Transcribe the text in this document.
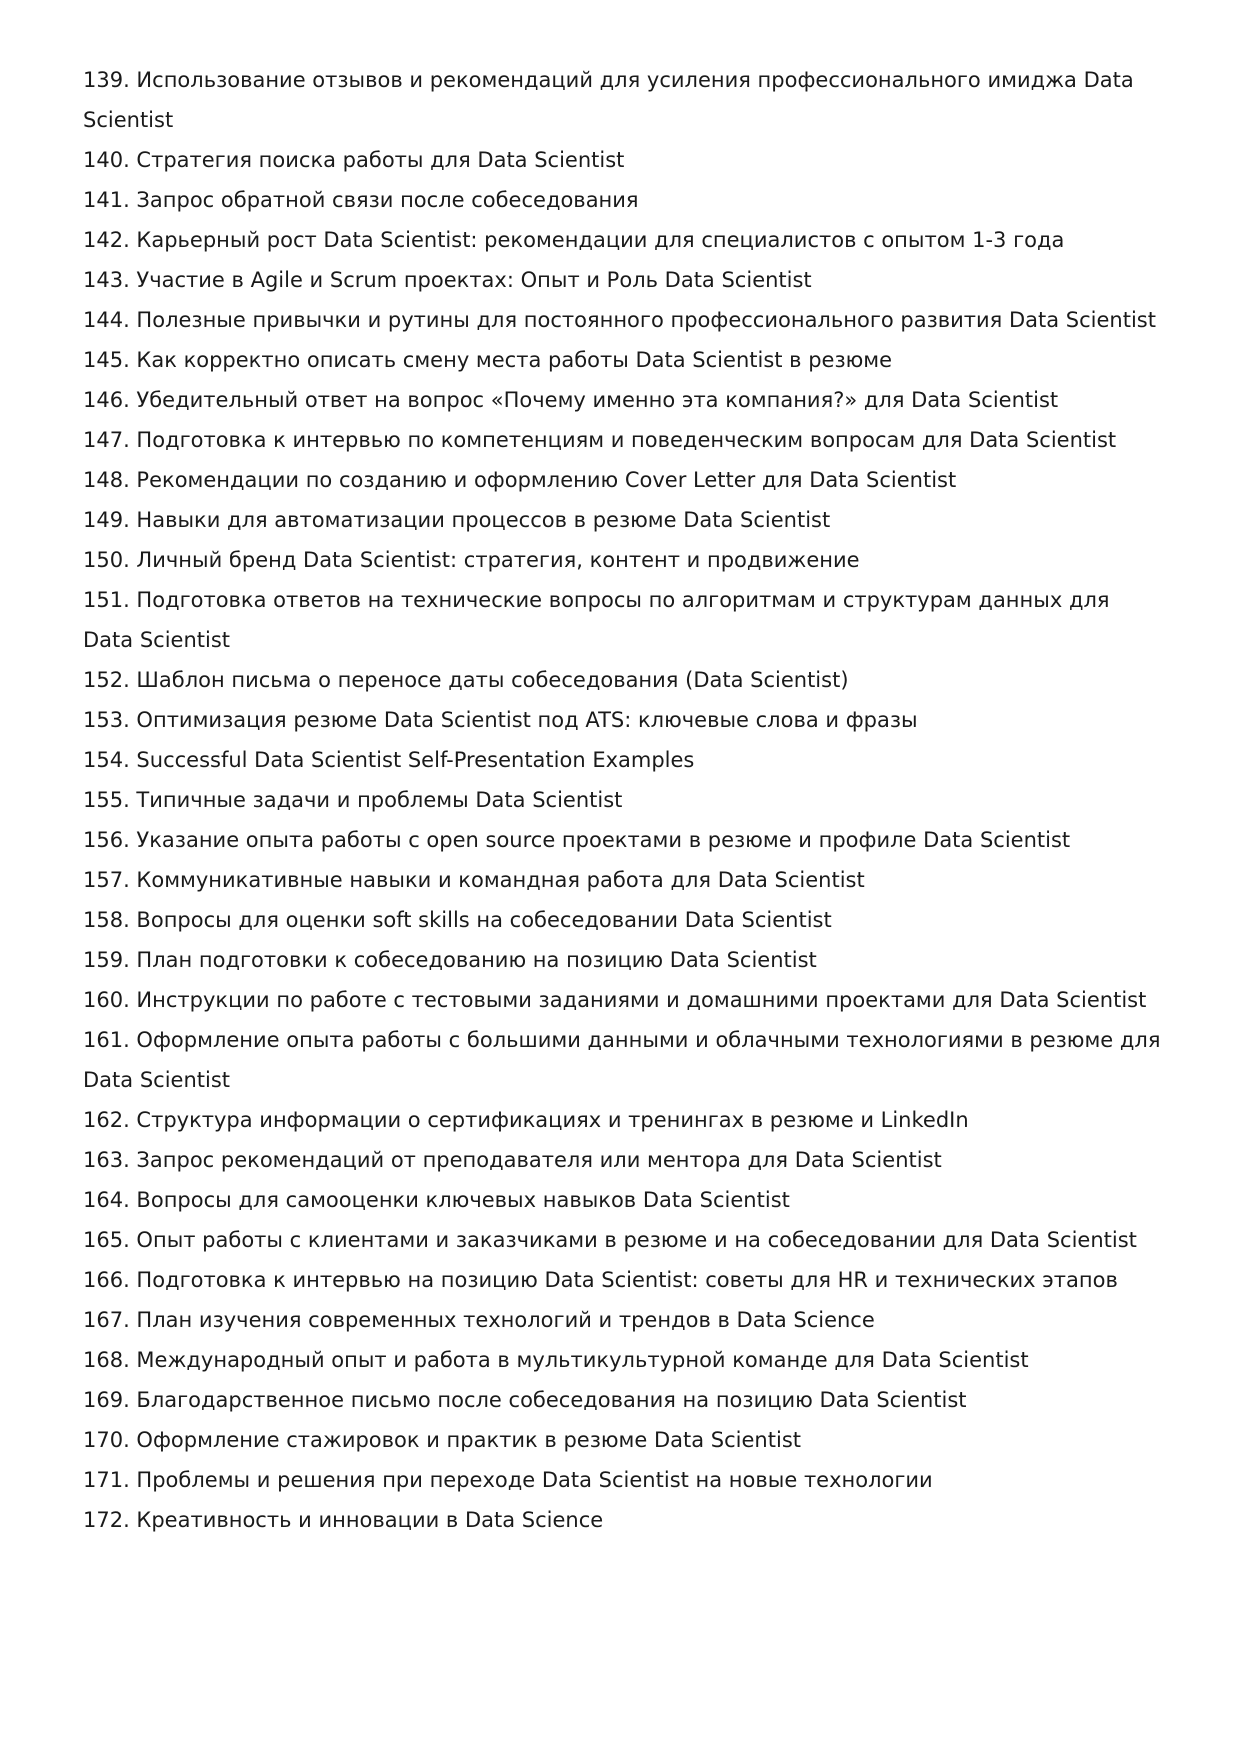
139. Использование отзывов и рекомендаций для усиления профессионального имиджа Data Scientist
140. Стратегия поиска работы для Data Scientist
141. Запрос обратной связи после собеседования
142. Карьерный рост Data Scientist: рекомендации для специалистов с опытом 1-3 года
143. Участие в Agile и Scrum проектах: Опыт и Роль Data Scientist
144. Полезные привычки и рутины для постоянного профессионального развития Data Scientist
145. Как корректно описать смену места работы Data Scientist в резюме
146. Убедительный ответ на вопрос «Почему именно эта компания?» для Data Scientist
147. Подготовка к интервью по компетенциям и поведенческим вопросам для Data Scientist
148. Рекомендации по созданию и оформлению Cover Letter для Data Scientist
149. Навыки для автоматизации процессов в резюме Data Scientist
150. Личный бренд Data Scientist: стратегия, контент и продвижение
151. Подготовка ответов на технические вопросы по алгоритмам и структурам данных для Data Scientist
152. Шаблон письма о переносе даты собеседования (Data Scientist)
153. Оптимизация резюме Data Scientist под ATS: ключевые слова и фразы
154. Successful Data Scientist Self-Presentation Examples
155. Типичные задачи и проблемы Data Scientist
156. Указание опыта работы с open source проектами в резюме и профиле Data Scientist
157. Коммуникативные навыки и командная работа для Data Scientist
158. Вопросы для оценки soft skills на собеседовании Data Scientist
159. План подготовки к собеседованию на позицию Data Scientist
160. Инструкции по работе с тестовыми заданиями и домашними проектами для Data Scientist
161. Оформление опыта работы с большими данными и облачными технологиями в резюме для Data Scientist
162. Структура информации о сертификациях и тренингах в резюме и LinkedIn
163. Запрос рекомендаций от преподавателя или ментора для Data Scientist
164. Вопросы для самооценки ключевых навыков Data Scientist
165. Опыт работы с клиентами и заказчиками в резюме и на собеседовании для Data Scientist
166. Подготовка к интервью на позицию Data Scientist: советы для HR и технических этапов
167. План изучения современных технологий и трендов в Data Science
168. Международный опыт и работа в мультикультурной команде для Data Scientist
169. Благодарственное письмо после собеседования на позицию Data Scientist
170. Оформление стажировок и практик в резюме Data Scientist
171. Проблемы и решения при переходе Data Scientist на новые технологии
172. Креативность и инновации в Data Science
